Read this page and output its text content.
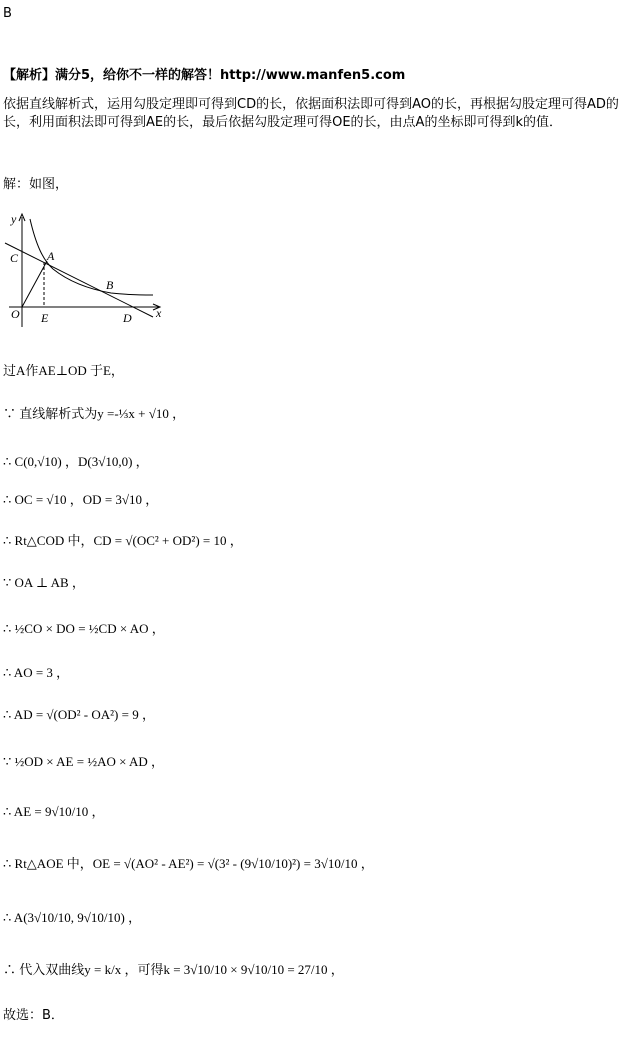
B
【解析】满分5，给你不一样的解答！http://www.manfen5.com
依据直线解析式，运用勾股定理即可得到CD的长，依据面积法即可得到AO的长，再根据勾股定理可得AD的长，利用面积法即可得到AE的长，最后依据勾股定理可得OE的长，由点A的坐标即可得到k的值．
解：如图，
y
x
C A
B
O E	D
过A作AE⊥OD 于E，
∵ 直线解析式为y =-⅓x + √10 ，
∴ C(0,√10) ，D(3√10,0) ，
∴ OC = √10 ，OD = 3√10 ，
∴ Rt△COD 中，CD = √(OC² + OD²) = 10 ，
∵ OA ⊥ AB ，
∴ ½CO × DO = ½CD × AO ，
∴ AO = 3 ，
∴ AD = √(OD² - OA²) = 9 ，
∵ ½OD × AE = ½AO × AD ，
∴ AE = 9√10/10 ，
∴ Rt△AOE 中，OE = √(AO² - AE²) = √(3² - (9√10/10)²) = 3√10/10 ，
∴ A(3√10/10, 9√10/10) ，
∴ 代入双曲线y = k/x ，可得k = 3√10/10 × 9√10/10 = 27/10 ，
故选：B．
